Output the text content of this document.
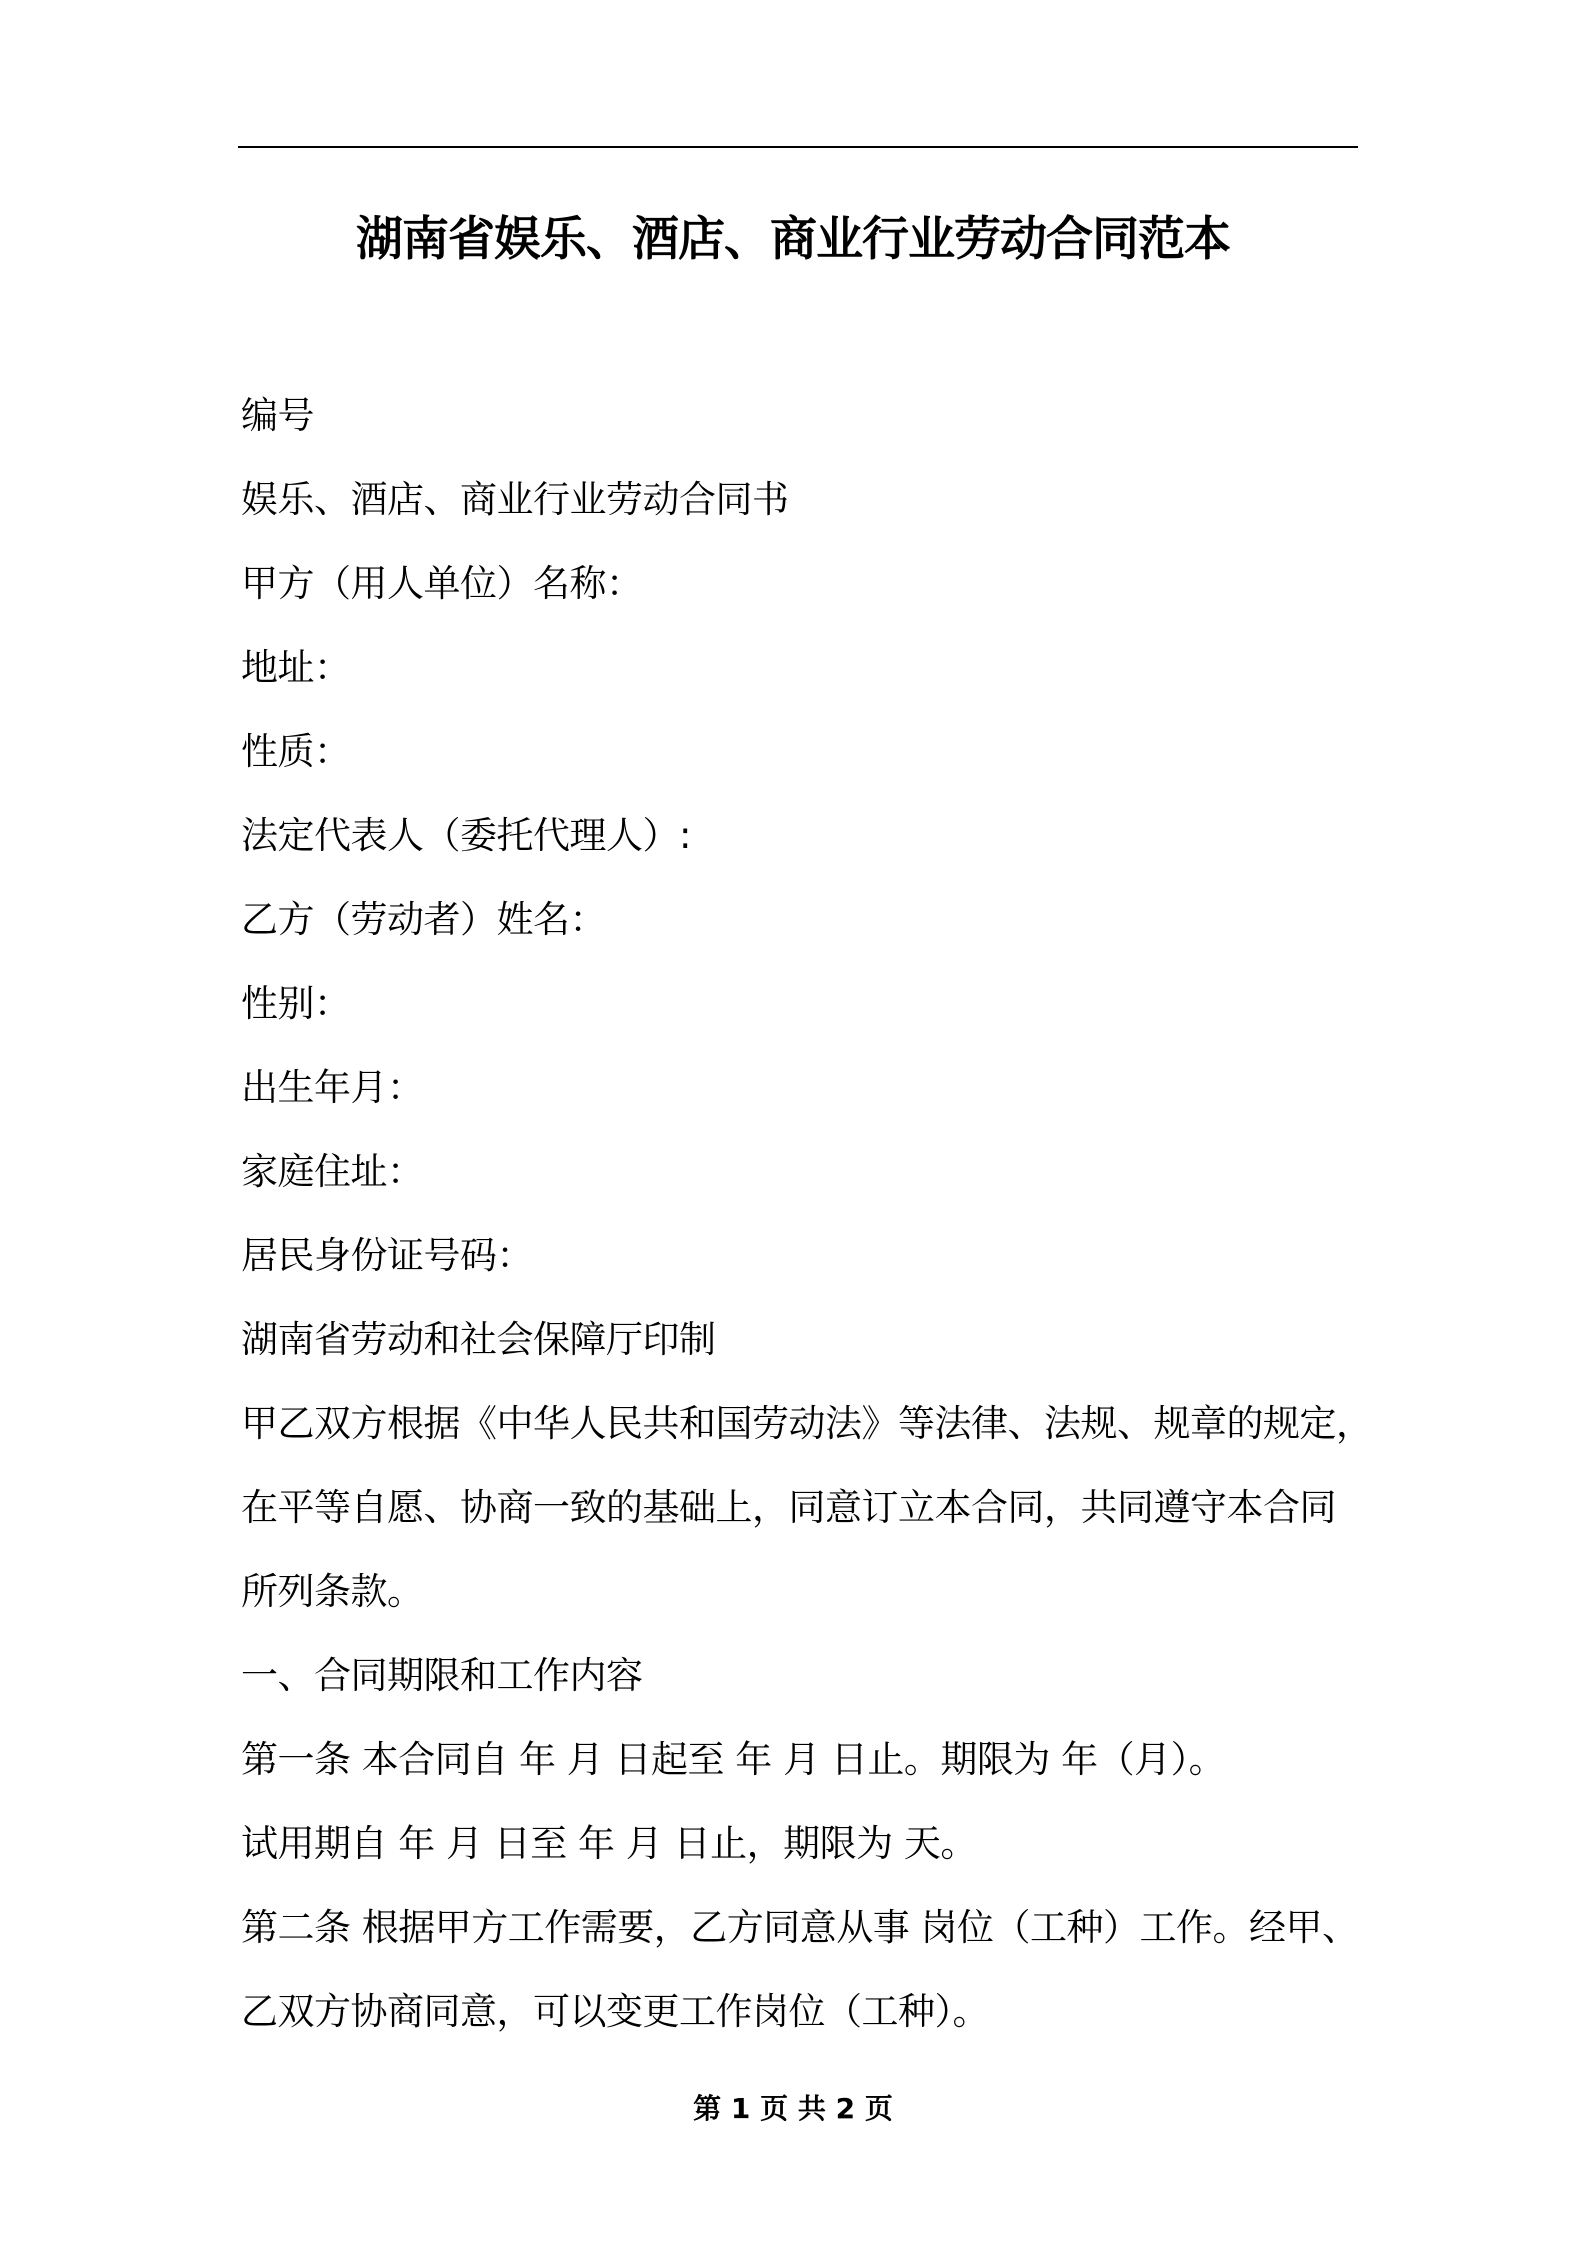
湖南省娱乐、酒店、商业行业劳动合同范本
编号
娱乐、酒店、商业行业劳动合同书
甲方（用人单位）名称：
地址：
性质：
法定代表人（委托代理人）:
乙方（劳动者）姓名：
性别：
出生年月：
家庭住址：
居民身份证号码：
湖南省劳动和社会保障厅印制
甲乙双方根据《中华人民共和国劳动法》等法律、法规、规章的规定，
在平等自愿、协商一致的基础上，同意订立本合同，共同遵守本合同
所列条款。
一、合同期限和工作内容
第一条 本合同自 年 月 日起至 年 月 日止。期限为 年（月）。
试用期自 年 月 日至 年 月 日止，期限为 天。
第二条 根据甲方工作需要，乙方同意从事 岗位（工种）工作。经甲、
乙双方协商同意，可以变更工作岗位（工种）。
第 1 页 共 2 页
